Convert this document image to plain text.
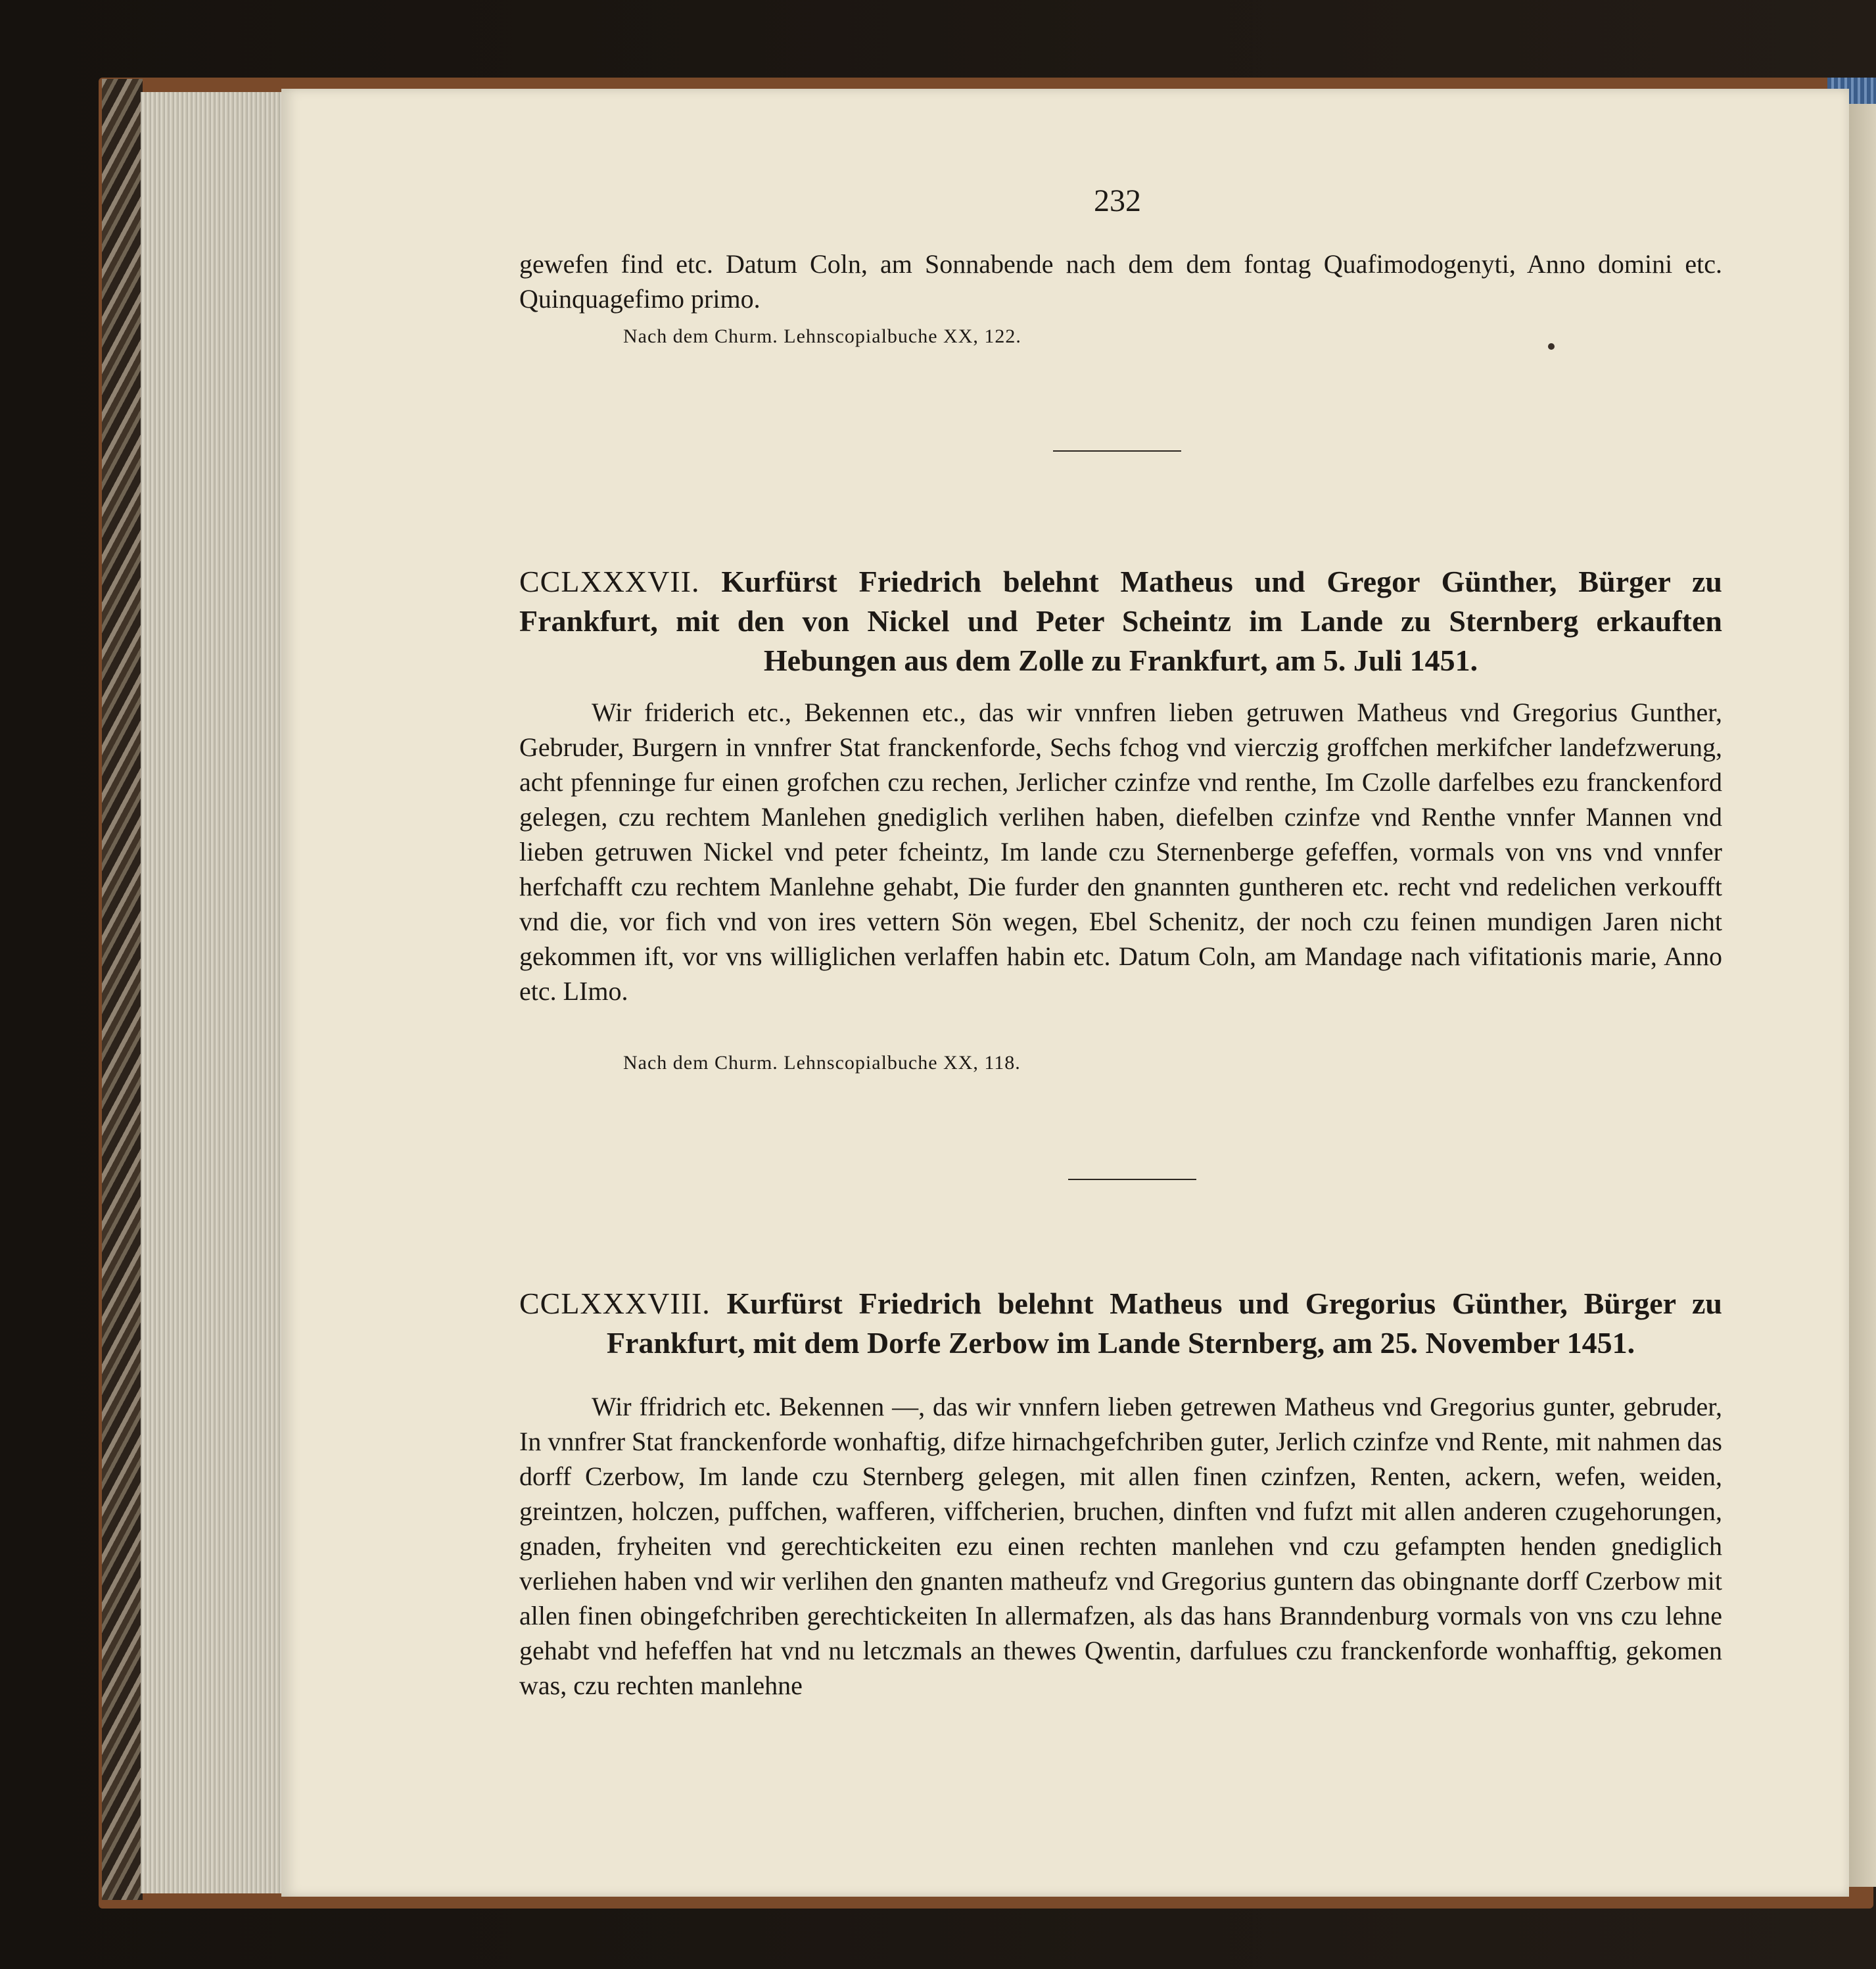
232

gewefen find etc. Datum Coln, am Sonnabende nach dem dem fontag Quafimodogenyti, Anno domini etc. Quinquagefimo primo.

Nach dem Churm. Lehnscopialbuche XX, 122.
CCLXXXVII. Kurfürst Friedrich belehnt Matheus und Gregor Günther, Bürger zu Frankfurt, mit den von Nickel und Peter Scheintz im Lande zu Sternberg erkauften Hebungen aus dem Zolle zu Frankfurt, am 5. Juli 1451.

Wir friderich etc., Bekennen etc., das wir vnnfren lieben getruwen Matheus vnd Gregorius Gunther, Gebruder, Burgern in vnnfrer Stat franckenforde, Sechs fchog vnd vierczig groffchen merkifcher landefzwerung, acht pfenninge fur einen grofchen czu rechen, Jerlicher czinfze vnd renthe, Im Czolle darfelbes ezu franckenford gelegen, czu rechtem Manlehen gnediglich verlihen haben, diefelben czinfze vnd Renthe vnnfer Mannen vnd lieben getruwen Nickel vnd peter fcheintz, Im lande czu Sternenberge gefeffen, vormals von vns vnd vnnfer herfchafft czu rechtem Manlehne gehabt, Die furder den gnannten guntheren etc. recht vnd redelichen verkoufft vnd die, vor fich vnd von ires vettern Sön wegen, Ebel Schenitz, der noch czu feinen mundigen Jaren nicht gekommen ift, vor vns williglichen verlaffen habin etc. Datum Coln, am Mandage nach vifitationis marie, Anno etc. LImo.

Nach dem Churm. Lehnscopialbuche XX, 118.
CCLXXXVIII. Kurfürst Friedrich belehnt Matheus und Gregorius Günther, Bürger zu Frankfurt, mit dem Dorfe Zerbow im Lande Sternberg, am 25. November 1451.

Wir ffridrich etc. Bekennen —, das wir vnnfern lieben getrewen Matheus vnd Gregorius gunter, gebruder, In vnnfrer Stat franckenforde wonhaftig, difze hirnachgefchriben guter, Jerlich czinfze vnd Rente, mit nahmen das dorff Czerbow, Im lande czu Sternberg gelegen, mit allen finen czinfzen, Renten, ackern, wefen, weiden, greintzen, holczen, puffchen, wafferen, viffcherien, bruchen, dinften vnd fufzt mit allen anderen czugehorungen, gnaden, fryheiten vnd gerechtickeiten ezu einen rechten manlehen vnd czu gefampten henden gnediglich verliehen haben vnd wir verlihen den gnanten matheufz vnd Gregorius guntern das obingnante dorff Czerbow mit allen finen obingefchriben gerechtickeiten In allermafzen, als das hans Branndenburg vormals von vns czu lehne gehabt vnd hefeffen hat vnd nu letczmals an thewes Qwentin, darfulues czu franckenforde wonhafftig, gekomen was, czu rechten manlehne
